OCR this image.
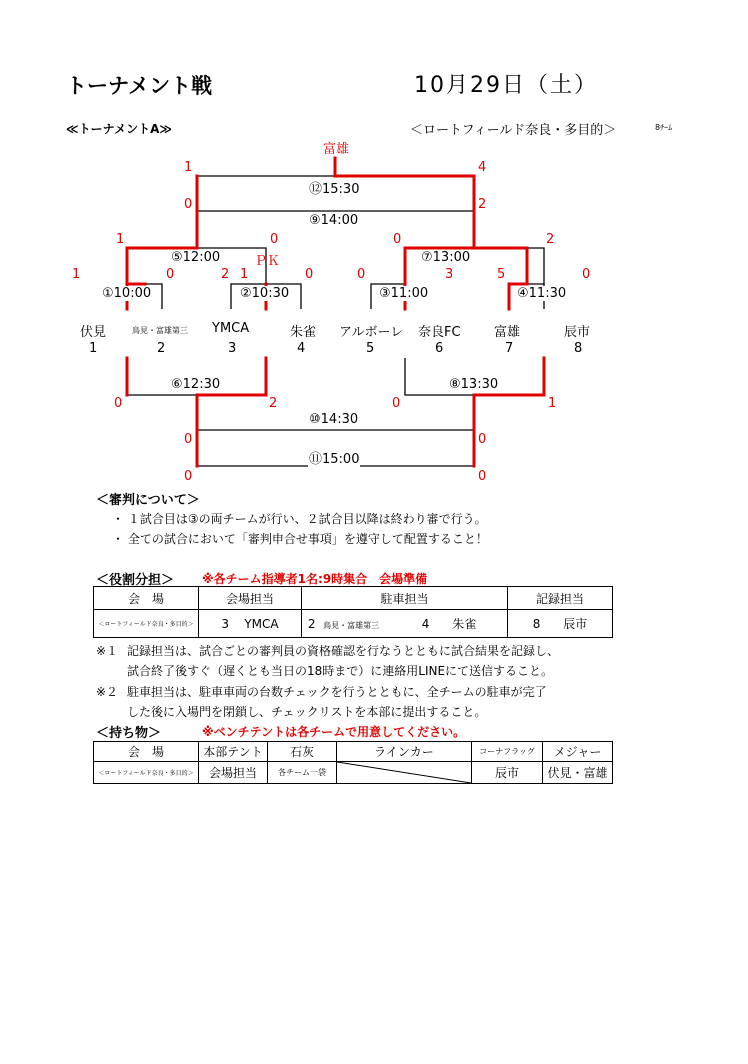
トーナメント戦	10月29日（土）
≪トーナメントA≫	＜ロートフィールド奈良・多目的＞	8ﾁｰﾑ
富雄
①10:00	②10:30	③11:00	④11:30
⑤12:00	⑦13:00
⑨14:00
⑫15:30
1	0	2	0	0	3	5	0
1	0
ＰＫ
1
0	2
0	2
1	4
伏見	鳥見・富雄第三 YMCA	朱雀 アルボーレ 奈良FC	富雄	辰市
1	2	3	4	5	6	7	8
⑥12:30	⑧13:30
⑩14:30
⑪15:00
0	2	0	1
0	0
0	0
＜審判について＞
・ １試合目は③の両チームが行い、２試合目以降は終わり審で行う。
・ 全ての試合において「審判申合せ事項」を遵守して配置すること！
＜役割分担＞ ※各チーム指導者1名:9時集合　会場準備
会　場	会場担当	駐車担当		記録担当
＜ロートフィールド奈良・多目的＞	3 YMCA	2 鳥見・富雄第三	4 朱雀	8 辰市
※１ 記録担当は、試合ごとの審判員の資格確認を行なうとともに試合結果を記録し、
試合終了後すぐ（遅くとも当日の18時まで）に連絡用LINEにて送信すること。
※２ 駐車担当は、駐車車両の台数チェックを行うとともに、全チームの駐車が完了
した後に入場門を閉鎖し、チェックリストを本部に提出すること。
＜持ち物＞	※ベンチテントは各チームで用意してください。
会　場	本部テント	石灰	ラインカー	コーナフラッグ	メジャー
＜ロートフィールド奈良・多目的＞	会場担当	各チーム一袋		辰市	伏見・富雄
